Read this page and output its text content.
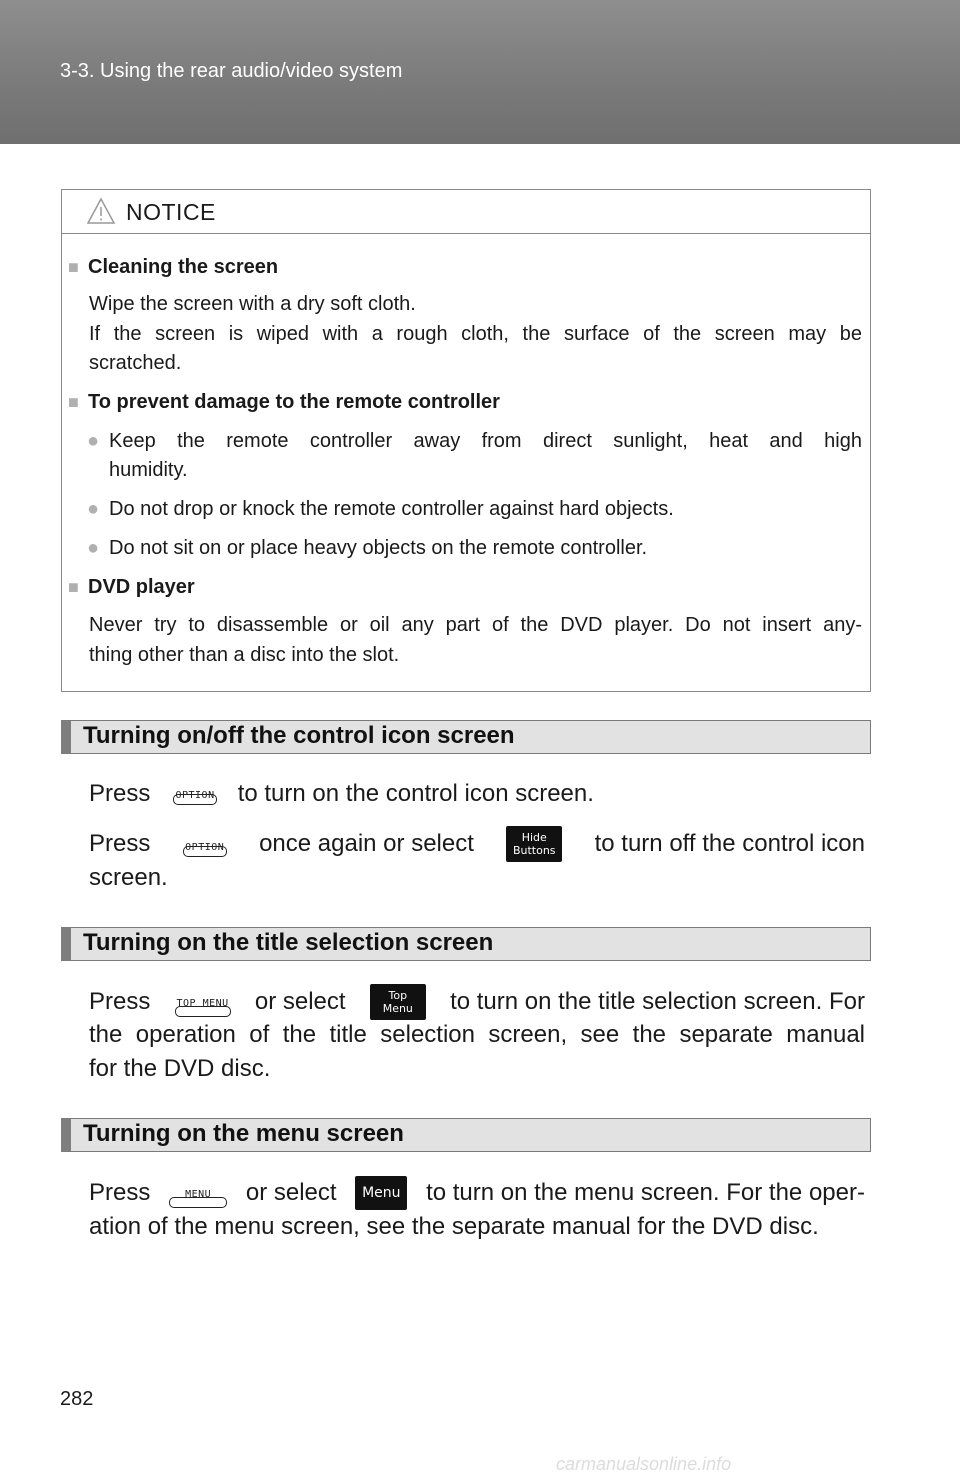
3-3. Using the rear audio/video system
NOTICE
■ Cleaning the screen
Wipe the screen with a dry soft cloth.
If the screen is wiped with a rough cloth, the surface of the screen may be
scratched.
■ To prevent damage to the remote controller
● Keep the remote controller away from direct sunlight, heat and high
humidity.
● Do not drop or knock the remote controller against hard objects.
● Do not sit on or place heavy objects on the remote controller.
■ DVD player
Never try to disassemble or oil any part of the DVD player. Do not insert any-
thing other than a disc into the slot.
Turning on/off the control icon screen
Press	OPTION to turn on the control icon screen.
Press	OPTION once again or select	Hide
Buttons to turn off the control icon
screen.
Turning on the title selection screen
Press	TOP MENU or select	Top
Menu	to turn on the title selection screen. For
the operation of the title selection screen, see the separate manual
for the DVD disc.
Turning on the menu screen
Press	MENU	or select	Menu to turn on the menu screen. For the oper-
ation of the menu screen, see the separate manual for the DVD disc.
282
carmanualsonline.info
